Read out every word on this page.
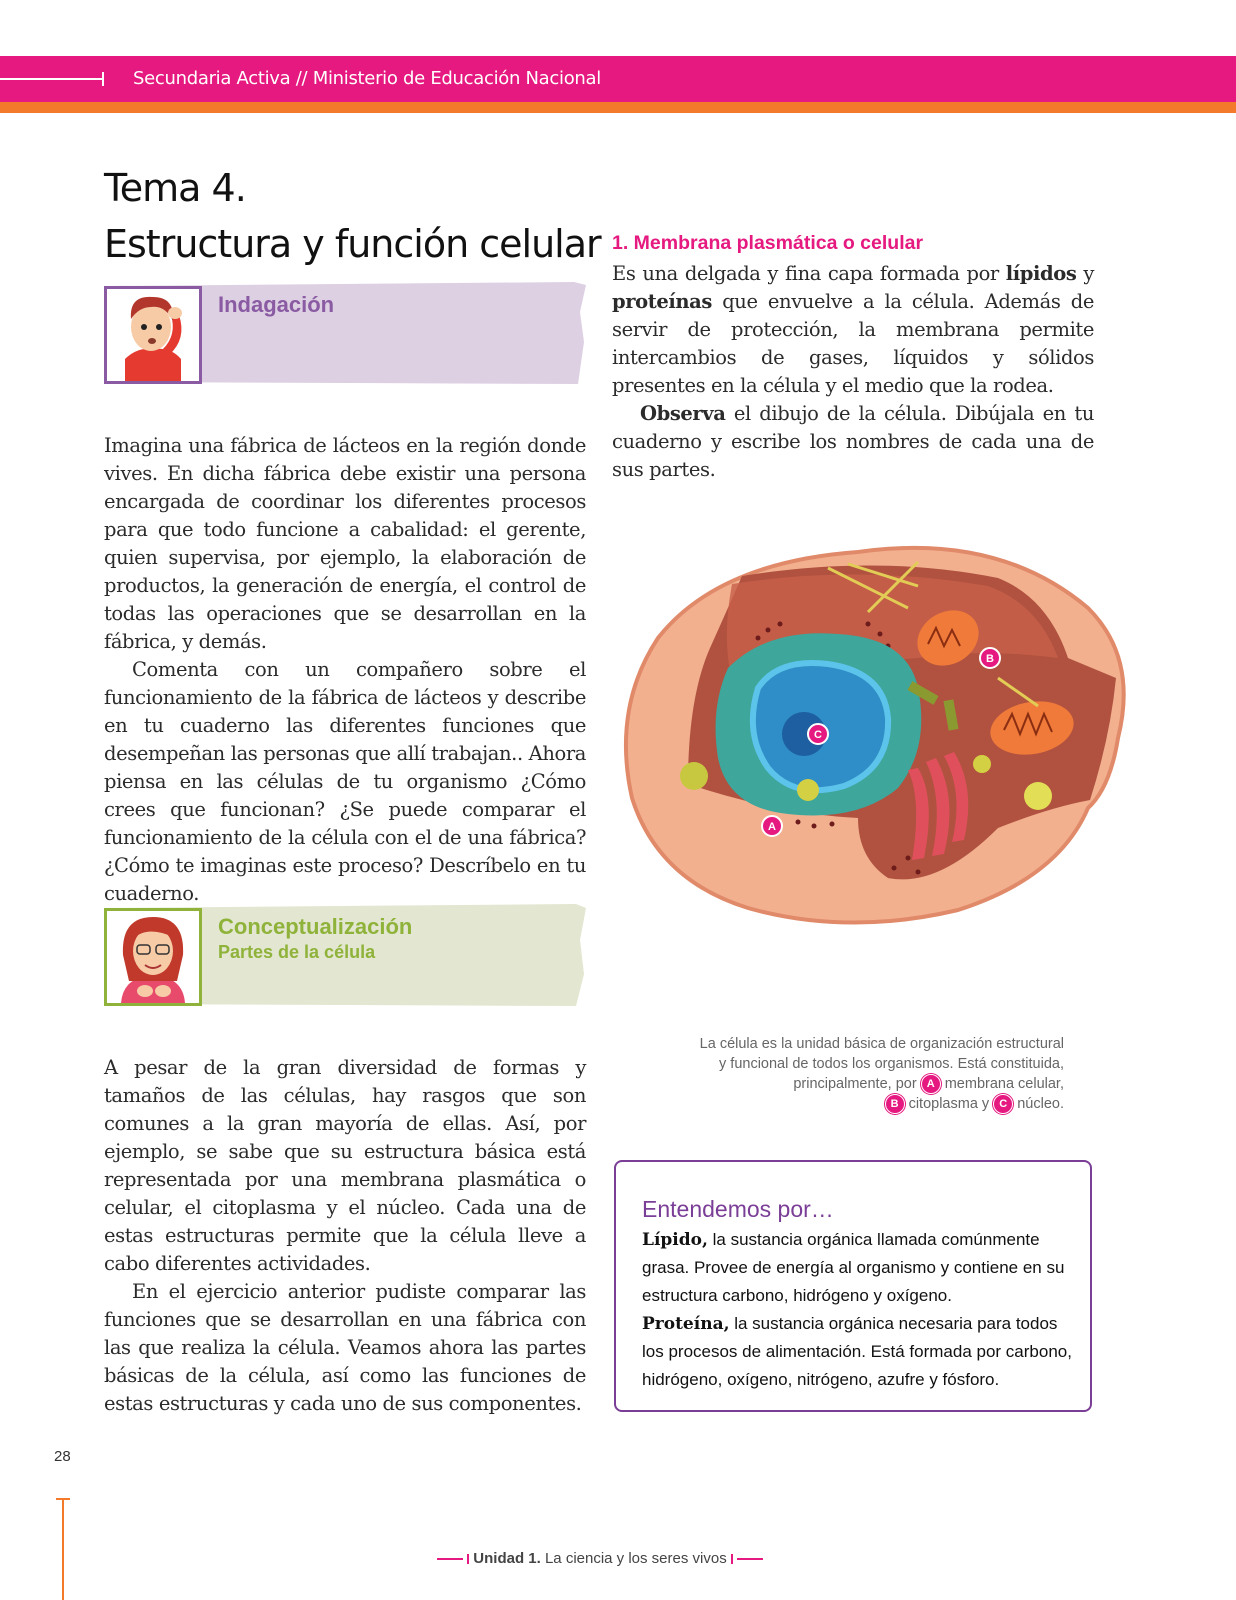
Secundaria Activa // Ministerio de Educación Nacional
Tema 4.
Estructura y función celular
Indagación

Imagina una fábrica de lácteos en la región donde vives. En dicha fábrica debe existir una persona encargada de coordinar los diferentes procesos para que todo funcione a cabalidad: el gerente, quien supervisa, por ejemplo, la elaboración de productos, la generación de energía, el control de todas las operaciones que se desarrollan en la fábrica, y demás.

Comenta con un compañero sobre el funcionamiento de la fábrica de lácteos y describe en tu cuaderno las diferentes funciones que desempeñan las personas que allí trabajan.. Ahora piensa en las células de tu organismo ¿Cómo crees que funcionan? ¿Se puede comparar el funcionamiento de la célula con el de una fábrica? ¿Cómo te imaginas este proceso? Descríbelo en tu cuaderno.

Conceptualización
Partes de la célula

A pesar de la gran diversidad de formas y tamaños de las células, hay rasgos que son comunes a la gran mayoría de ellas. Así, por ejemplo, se sabe que su estructura básica está representada por una membrana plasmática o celular, el citoplasma y el núcleo. Cada una de estas estructuras permite que la célula lleve a cabo diferentes actividades.

En el ejercicio anterior pudiste comparar las funciones que se desarrollan en una fábrica con las que realiza la célula. Veamos ahora las partes básicas de la célula, así como las funciones de estas estructuras y cada uno de sus componentes.

1. Membrana plasmática o celular

Es una delgada y fina capa formada por lípidos y proteínas que envuelve a la célula. Además de servir de protección, la membrana permite intercambios de gases, líquidos y sólidos presentes en la célula y el medio que la rodea.

Observa el dibujo de la célula. Dibújala en tu cuaderno y escribe los nombres de cada una de sus partes.

A
B
C
La célula es la unidad básica de organización estructural
y funcional de todos los organismos. Está constituida,
principalmente, por A membrana celular,
B citoplasma y C núcleo.
Entendemos por…

Lípido, la sustancia orgánica llamada comúnmente grasa. Provee de energía al organismo y contiene en su estructura carbono, hidrógeno y oxígeno.

Proteína, la sustancia orgánica necesaria para todos los procesos de alimentación. Está formada por carbono, hidrógeno, oxígeno, nitrógeno, azufre y fósforo.

28
Unidad 1. La ciencia y los seres vivos
